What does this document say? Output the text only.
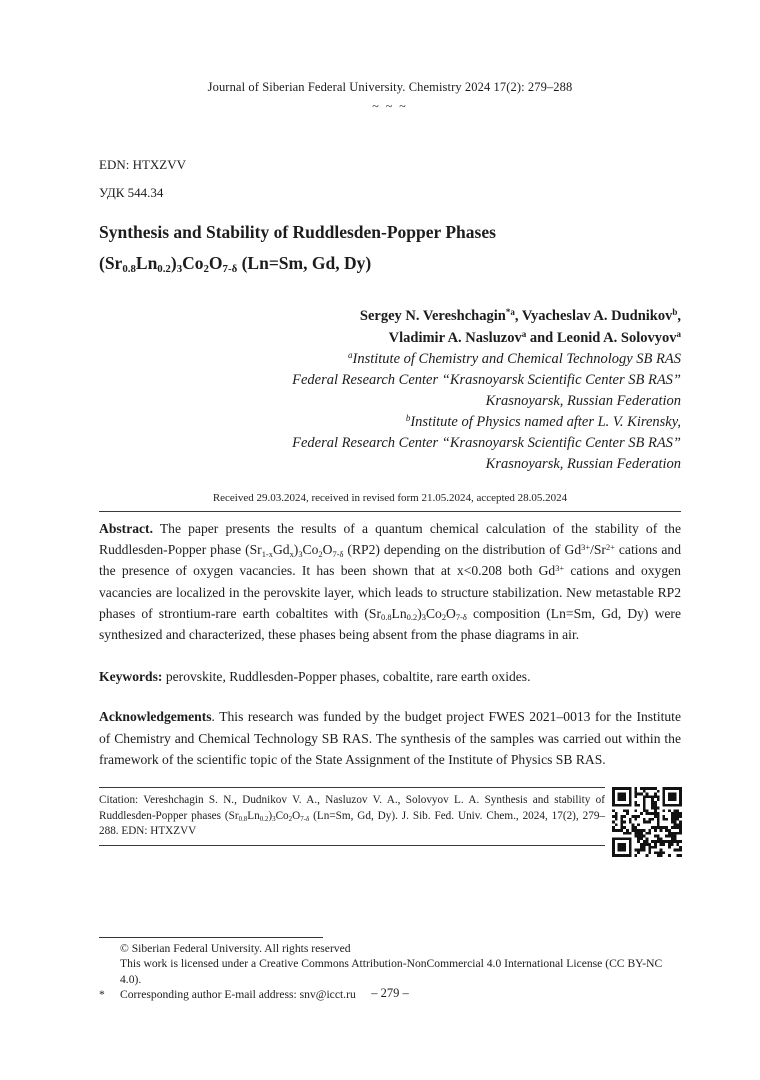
Journal of Siberian Federal University. Chemistry 2024 17(2): 279–288
~ ~ ~
EDN: HTXZVV
УДК 544.34
Synthesis and Stability of Ruddlesden-Popper Phases
$(Sr_{0.8}Ln_{0.2})_3Co_2O_{7-\delta}$ (Ln=Sm, Gd, Dy)
Sergey N. Vereshchagin$^{*a}$, Vyacheslav A. Dudnikov$^b$,
Vladimir A. Nasluzov$^a$ and Leonid A. Solovyov$^a$
$^a$Institute of Chemistry and Chemical Technology SB RAS
Federal Research Center “Krasnoyarsk Scientific Center SB RAS”
Krasnoyarsk, Russian Federation
$^b$Institute of Physics named after L. V. Kirensky,
Federal Research Center “Krasnoyarsk Scientific Center SB RAS”
Krasnoyarsk, Russian Federation
Received 29.03.2024, received in revised form 21.05.2024, accepted 28.05.2024

Abstract. The paper presents the results of a quantum chemical calculation of the stability of the Ruddlesden-Popper phase $(Sr_{1-x}Gd_x)_3Co_2O_{7-\delta}$ (RP2) depending on the distribution of $Gd^{3+}/Sr^{2+}$ cations and the presence of oxygen vacancies. It has been shown that at x<0.208 both $Gd^{3+}$ cations and oxygen vacancies are localized in the perovskite layer, which leads to structure stabilization. New metastable RP2 phases of strontium-rare earth cobaltites with $(Sr_{0.8}Ln_{0.2})_3Co_2O_{7-\delta}$ composition (Ln=Sm, Gd, Dy) were synthesized and characterized, these phases being absent from the phase diagrams in air.

Keywords: perovskite, Ruddlesden-Popper phases, cobaltite, rare earth oxides.
Acknowledgements. This research was funded by the budget project FWES 2021–0013 for the Institute of Chemistry and Chemical Technology SB RAS. The synthesis of the samples was carried out within the framework of the scientific topic of the State Assignment of the Institute of Physics SB RAS.
Citation: Vereshchagin S. N., Dudnikov V. A., Nasluzov V. A., Solovyov L. A. Synthesis and stability of Ruddlesden-Popper phases $(Sr_{0.8}Ln_{0.2})_3Co_2O_{7-\delta}$ (Ln=Sm, Gd, Dy). J. Sib. Fed. Univ. Chem., 2024, 17(2), 279–288. EDN: HTXZVV
© Siberian Federal University. All rights reserved
This work is licensed under a Creative Commons Attribution-NonCommercial 4.0 International License (CC BY-NC 4.0).
*	Corresponding author E-mail address: snv@icct.ru	– 279 –
